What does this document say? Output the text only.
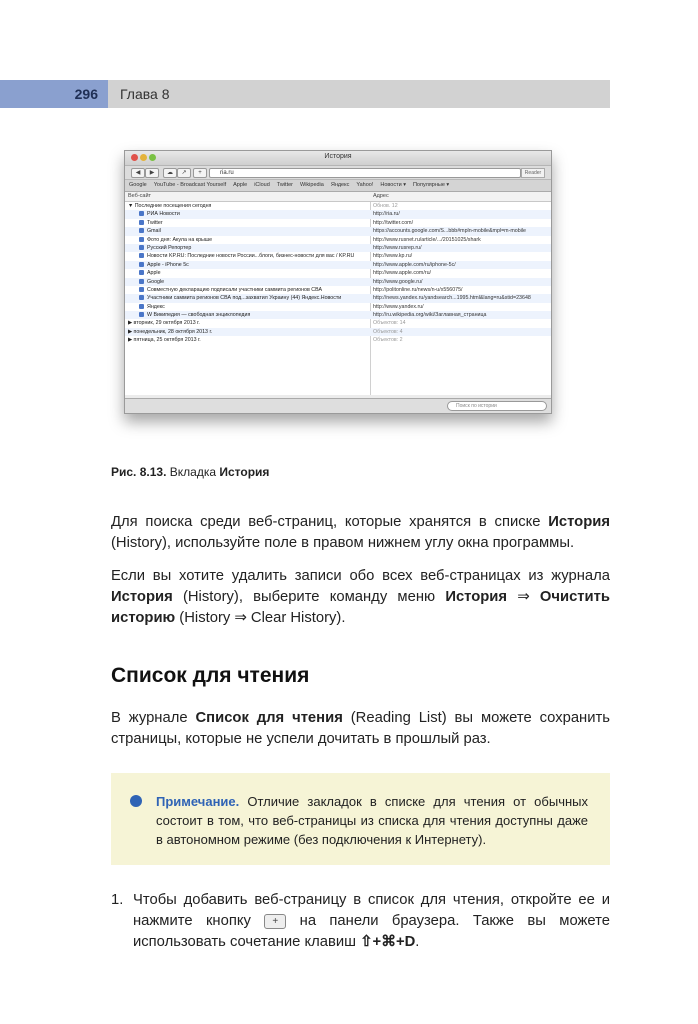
296 Глава 8
История
◀	▶	☁	↗	+	ria.ru	Reader
Google YouTube - Broadcast Yourself Apple iCloud Twitter Wikipedia Яндекс Yahoo! Новости ▾ Популярные ▾
Веб-сайт	Адрес
▼ Последние посещения сегодня	Обнов. 12
РИА Новости	http://ria.ru/
Twitter	http://twitter.com/
Gmail	https://accounts.google.com/S...bbb#mpln-mobile&mpl=m-mobile
Фото дня: Акула на крыше	http://www.rusnet.ru/article/.../20151025/shark
Русский Репортер	http://www.rusrep.ru/
Новости KP.RU: Последние новости России...блоги, бизнес-новости для вас / KP.RU	http://www.kp.ru/
Apple - iPhone 5c	http://www.apple.com/ru/iphone-5c/
Apple	http://www.apple.com/ru/
Google	http://www.google.ru/
Совместную декларацию подписали участники саммита регионов СВА	http://politonline.ru/news/n-u/x556075/
Участники саммита регионов СВА под...захватил Украину (44) Яндекс.Новости	http://news.yandex.ru/yandsearch...1995.html&lang=ru&stid=23648
Яндекс	http://www.yandex.ru/
W Википедия — свободная энциклопедия	http://ru.wikipedia.org/wiki/Заглавная_страница
▶ вторник, 29 октября 2013 г.	Объектов: 14
▶ понедельник, 28 октября 2013 г.	Объектов: 4
▶ пятница, 25 октября 2013 г.	Объектов: 2
Поиск по истории
Рис. 8.13. Вкладка История

Для поиска среди веб-страниц, которые хранятся в списке История (History), используйте поле в правом нижнем углу окна программы.

Если вы хотите удалить записи обо всех веб-страницах из журнала История (History), выберите команду меню История ⇒ Очистить историю (History ⇒ Clear History).

Список для чтения

В журнале Список для чтения (Reading List) вы можете сохранить страницы, которые не успели дочитать в прошлый раз.

Примечание. Отличие закладок в списке для чтения от обычных состоит в том, что веб-страницы из списка для чтения доступны даже в автономном режиме (без подключения к Интернету).
1. Чтобы добавить веб-страницу в список для чтения, откройте ее и нажмите кнопку + на панели браузера. Также вы можете использовать сочетание клавиш ⇧+⌘+D.
